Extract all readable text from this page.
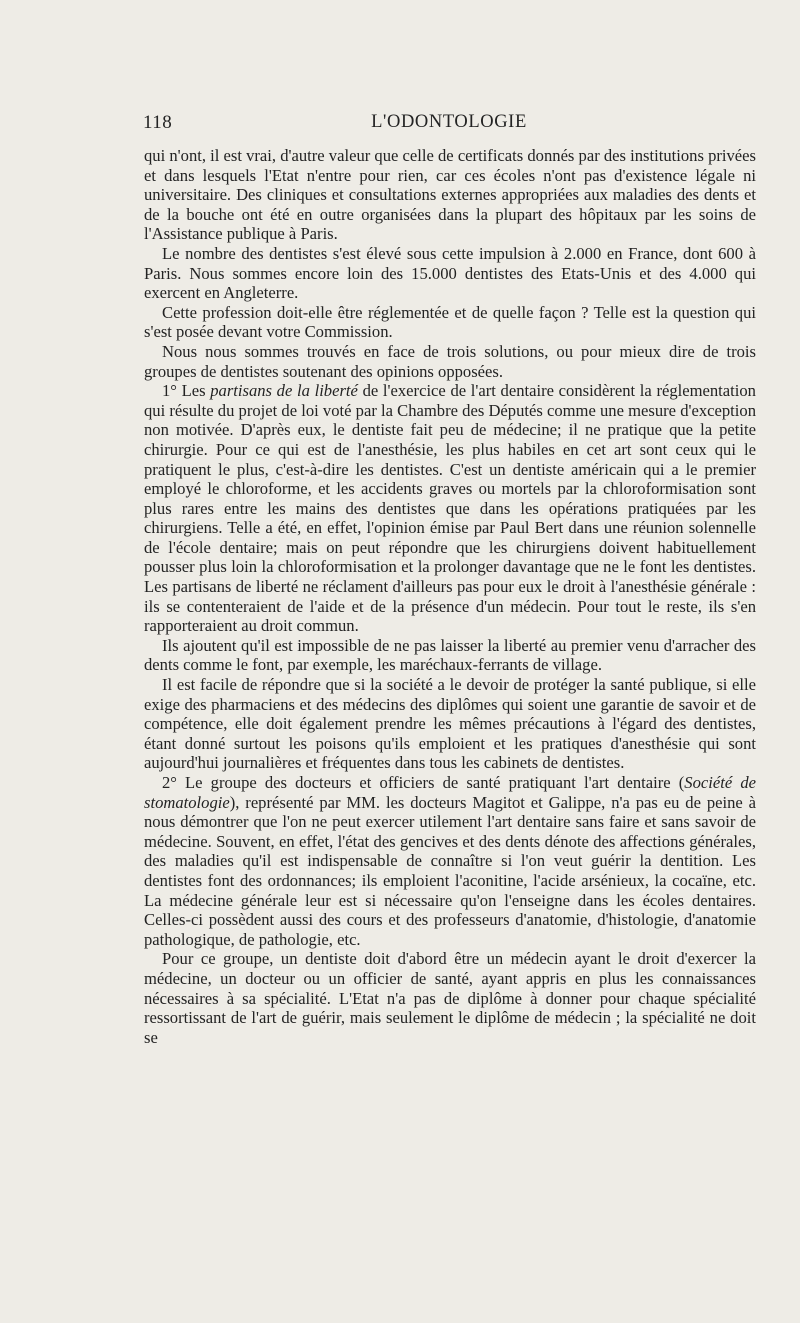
118	L'ODONTOLOGIE

qui n'ont, il est vrai, d'autre valeur que celle de certificats donnés par des institutions privées et dans lesquels l'Etat n'entre pour rien, car ces écoles n'ont pas d'existence légale ni universitaire. Des cliniques et consultations externes appropriées aux maladies des dents et de la bouche ont été en outre organisées dans la plupart des hôpitaux par les soins de l'Assistance publique à Paris.

Le nombre des dentistes s'est élevé sous cette impulsion à 2.000 en France, dont 600 à Paris. Nous sommes encore loin des 15.000 dentistes des Etats-Unis et des 4.000 qui exercent en Angleterre.

Cette profession doit-elle être réglementée et de quelle façon ? Telle est la question qui s'est posée devant votre Commission.

Nous nous sommes trouvés en face de trois solutions, ou pour mieux dire de trois groupes de dentistes soutenant des opinions opposées.

1° Les partisans de la liberté de l'exercice de l'art dentaire considèrent la réglementation qui résulte du projet de loi voté par la Chambre des Députés comme une mesure d'exception non motivée. D'après eux, le dentiste fait peu de médecine; il ne pratique que la petite chirurgie. Pour ce qui est de l'anesthésie, les plus habiles en cet art sont ceux qui le pratiquent le plus, c'est-à-dire les dentistes. C'est un dentiste américain qui a le premier employé le chloroforme, et les accidents graves ou mortels par la chloroformisation sont plus rares entre les mains des dentistes que dans les opérations pratiquées par les chirurgiens. Telle a été, en effet, l'opinion émise par Paul Bert dans une réunion solennelle de l'école dentaire; mais on peut répondre que les chirurgiens doivent habituellement pousser plus loin la chloroformisation et la prolonger davantage que ne le font les dentistes. Les partisans de liberté ne réclament d'ailleurs pas pour eux le droit à l'anesthésie générale : ils se contenteraient de l'aide et de la présence d'un médecin. Pour tout le reste, ils s'en rapporteraient au droit commun.

Ils ajoutent qu'il est impossible de ne pas laisser la liberté au premier venu d'arracher des dents comme le font, par exemple, les maréchaux-ferrants de village.

Il est facile de répondre que si la société a le devoir de protéger la santé publique, si elle exige des pharmaciens et des médecins des diplômes qui soient une garantie de savoir et de compétence, elle doit également prendre les mêmes précautions à l'égard des dentistes, étant donné surtout les poisons qu'ils emploient et les pratiques d'anesthésie qui sont aujourd'hui journalières et fréquentes dans tous les cabinets de dentistes.

2° Le groupe des docteurs et officiers de santé pratiquant l'art dentaire (Société de stomatologie), représenté par MM. les docteurs Magitot et Galippe, n'a pas eu de peine à nous démontrer que l'on ne peut exercer utilement l'art dentaire sans faire et sans savoir de médecine. Souvent, en effet, l'état des gencives et des dents dénote des affections générales, des maladies qu'il est indispensable de connaître si l'on veut guérir la dentition. Les dentistes font des ordonnances; ils emploient l'aconitine, l'acide arsénieux, la cocaïne, etc. La médecine générale leur est si nécessaire qu'on l'enseigne dans les écoles dentaires. Celles-ci possèdent aussi des cours et des professeurs d'anatomie, d'histologie, d'anatomie pathologique, de pathologie, etc.

Pour ce groupe, un dentiste doit d'abord être un médecin ayant le droit d'exercer la médecine, un docteur ou un officier de santé, ayant appris en plus les connaissances nécessaires à sa spécialité. L'Etat n'a pas de diplôme à donner pour chaque spécialité ressortissant de l'art de guérir, mais seulement le diplôme de médecin ; la spécialité ne doit se
